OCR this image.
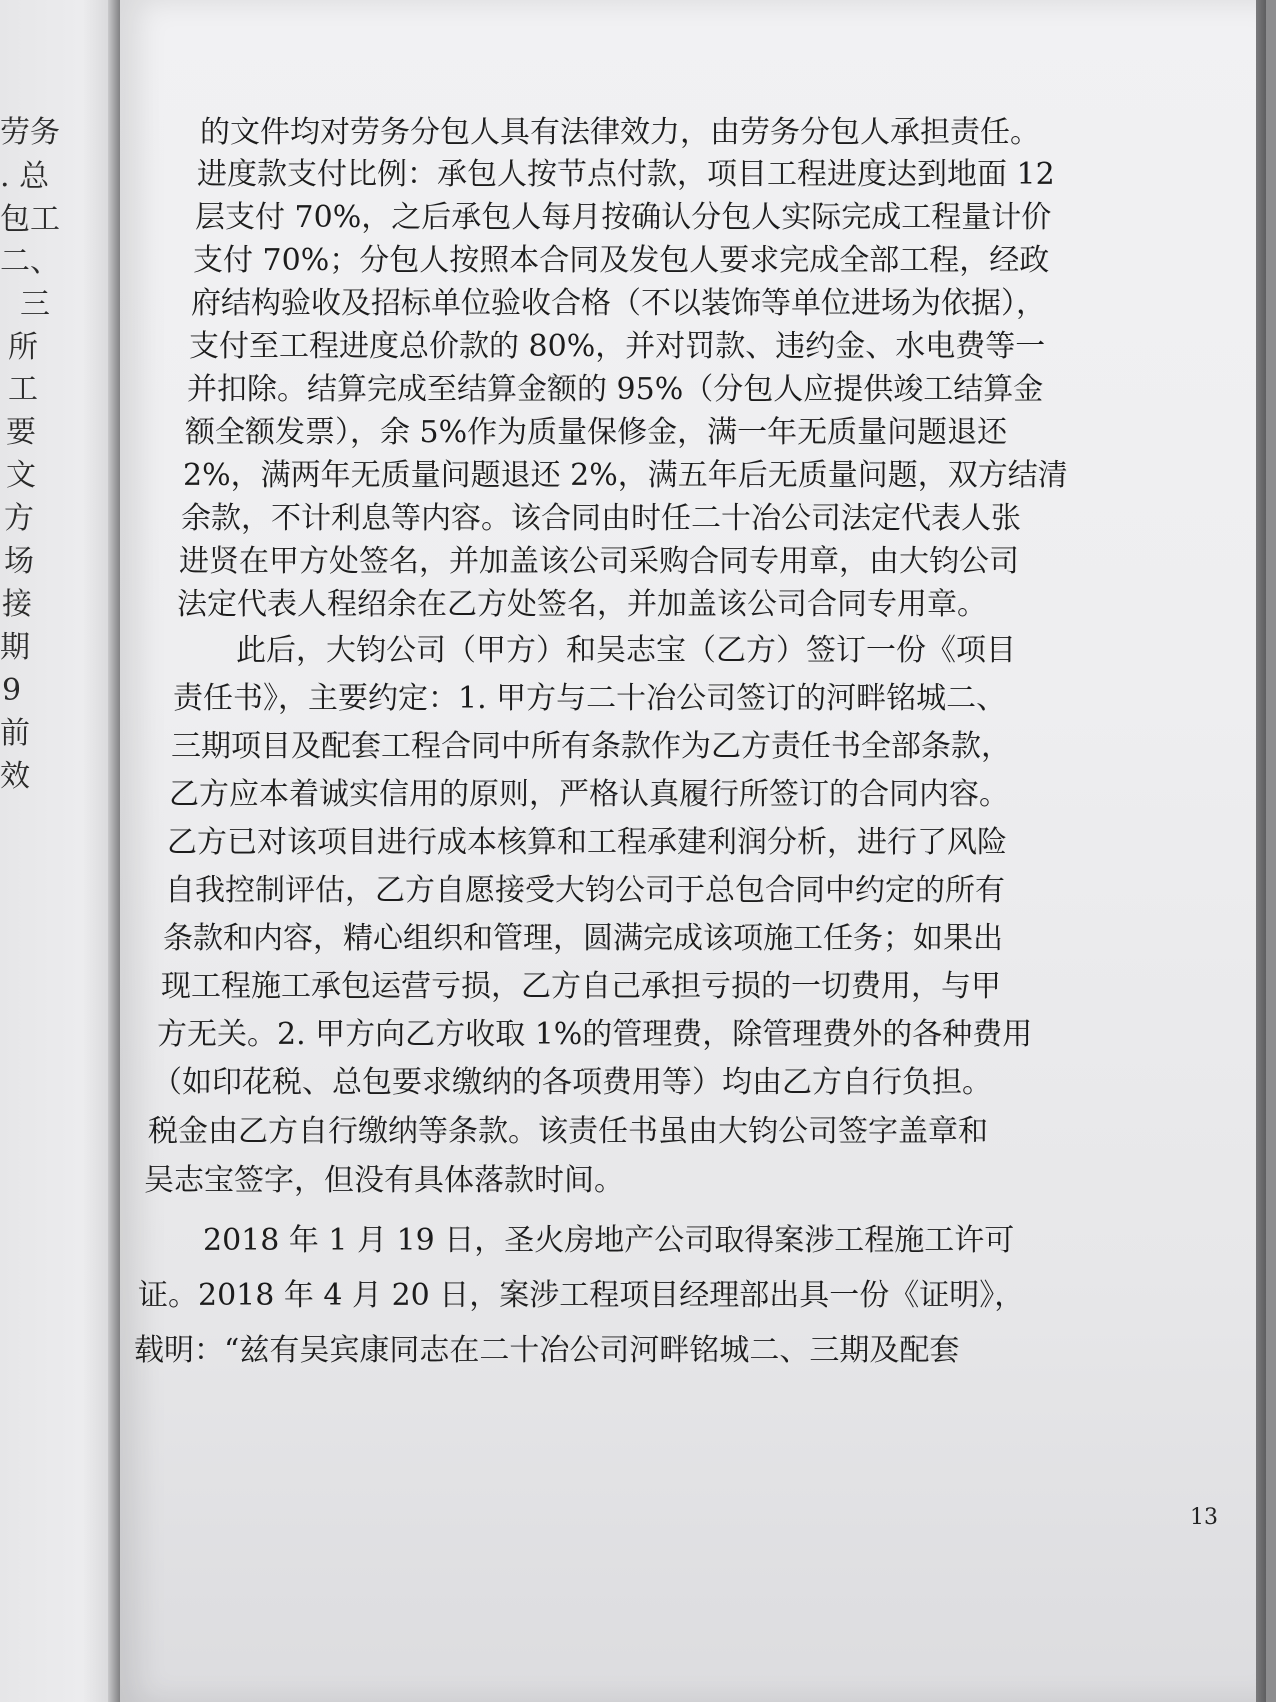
劳务
. 总
包工
二、
三
所
工
要
文
方
场
接
期
9
前
效
的文件均对劳务分包人具有法律效力，由劳务分包人承担责任。
进度款支付比例：承包人按节点付款，项目工程进度达到地面 12
层支付 70%，之后承包人每月按确认分包人实际完成工程量计价
支付 70%；分包人按照本合同及发包人要求完成全部工程，经政
府结构验收及招标单位验收合格（不以装饰等单位进场为依据），
支付至工程进度总价款的 80%，并对罚款、违约金、水电费等一
并扣除。结算完成至结算金额的 95%（分包人应提供竣工结算金
额全额发票），余 5%作为质量保修金，满一年无质量问题退还
2%，满两年无质量问题退还 2%，满五年后无质量问题，双方结清
余款，不计利息等内容。该合同由时任二十冶公司法定代表人张
进贤在甲方处签名，并加盖该公司采购合同专用章，由大钧公司
法定代表人程绍余在乙方处签名，并加盖该公司合同专用章。
此后，大钧公司（甲方）和吴志宝（乙方）签订一份《项目
责任书》，主要约定：1. 甲方与二十冶公司签订的河畔铭城二、
三期项目及配套工程合同中所有条款作为乙方责任书全部条款，
乙方应本着诚实信用的原则，严格认真履行所签订的合同内容。
乙方已对该项目进行成本核算和工程承建利润分析，进行了风险
自我控制评估，乙方自愿接受大钧公司于总包合同中约定的所有
条款和内容，精心组织和管理，圆满完成该项施工任务；如果出
现工程施工承包运营亏损，乙方自己承担亏损的一切费用，与甲
方无关。2. 甲方向乙方收取 1%的管理费，除管理费外的各种费用
（如印花税、总包要求缴纳的各项费用等）均由乙方自行负担。
税金由乙方自行缴纳等条款。该责任书虽由大钧公司签字盖章和
吴志宝签字，但没有具体落款时间。
2018 年 1 月 19 日，圣火房地产公司取得案涉工程施工许可
证。2018 年 4 月 20 日，案涉工程项目经理部出具一份《证明》，
载明：“兹有吴宾康同志在二十冶公司河畔铭城二、三期及配套
13
